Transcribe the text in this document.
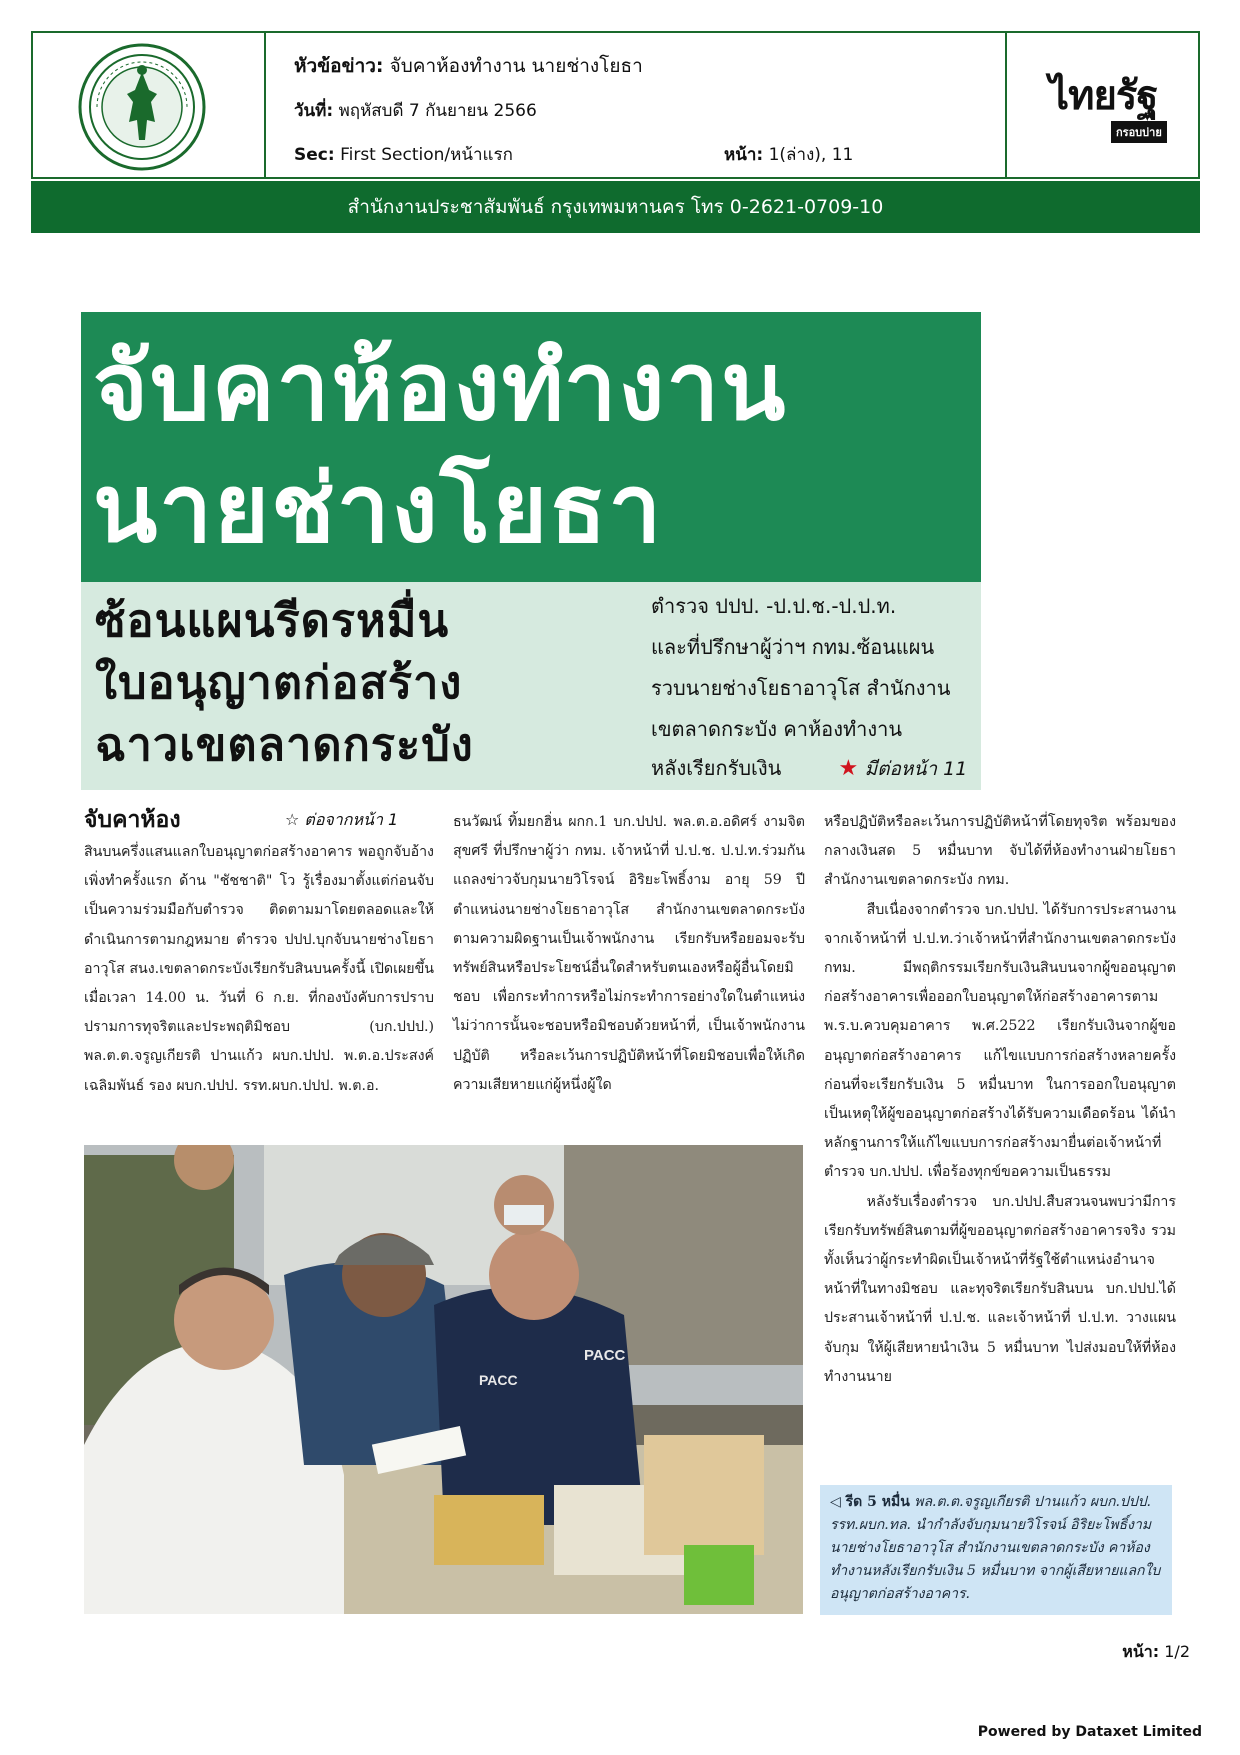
หัวข้อข่าว: จับคาห้องทำงาน นายช่างโยธา
วันที่: พฤหัสบดี 7 กันยายน 2566
Sec: First Section/หน้าแรก	หน้า: 1(ล่าง), 11
ไทยรัฐ
กรอบบ่าย
สำนักงานประชาสัมพันธ์ กรุงเทพมหานคร โทร 0-2621-0709-10
จับคาห้องทำงาน
นายช่างโยธา
ซ้อนแผนรีดรหมื่น
ใบอนุญาตก่อสร้าง
ฉาวเขตลาดกระบัง
ตำรวจ ปปป. -ป.ป.ช.-ป.ป.ท.
และที่ปรึกษาผู้ว่าฯ กทม.ซ้อนแผน
รวบนายช่างโยธาอาวุโส สำนักงาน
เขตลาดกระบัง คาห้องทำงาน
หลังเรียกรับเงิน	★ มีต่อหน้า 11
จับคาห้อง	☆ ต่อจากหน้า 1

สินบนครึ่งแสนแลกใบอนุญาตก่อสร้างอาคาร พอถูกจับอ้างเพิ่งทำครั้งแรก ด้าน "ชัชชาติ" โว รู้เรื่องมาตั้งแต่ก่อนจับ เป็นความร่วมมือกับตำรวจ ติดตามมาโดยตลอดและให้ดำเนินการตามกฎหมาย ตำรวจ ปปป.บุกจับนายช่างโยธาอาวุโส สนง.เขตลาดกระบังเรียกรับสินบนครั้งนี้ เปิดเผยขึ้นเมื่อเวลา 14.00 น. วันที่ 6 ก.ย. ที่กองบังคับการปราบปรามการทุจริตและประพฤติมิชอบ (บก.ปปป.) พล.ต.ต.จรูญเกียรติ ปานแก้ว ผบก.ปปป. พ.ต.อ.ประสงค์ เฉลิมพันธ์ รอง ผบก.ปปป. รรท.ผบก.ปปป. พ.ต.อ.

ธนวัฒน์ ทิ้มยกฮิ่น ผกก.1 บก.ปปป. พล.ต.อ.อดิศร์ งามจิตสุขศรี ที่ปรึกษาผู้ว่า กทม. เจ้าหน้าที่ ป.ป.ช. ป.ป.ท.ร่วมกันแถลงข่าวจับกุมนายวิโรจน์ อิริยะโพธิ์งาม อายุ 59 ปี ตำแหน่งนายช่างโยธาอาวุโส สำนักงานเขตลาดกระบัง ตามความผิดฐานเป็นเจ้าพนักงาน เรียกรับหรือยอมจะรับทรัพย์สินหรือประโยชน์อื่นใดสำหรับตนเองหรือผู้อื่นโดยมิชอบ เพื่อกระทำการหรือไม่กระทำการอย่างใดในตำแหน่ง ไม่ว่าการนั้นจะชอบหรือมิชอบด้วยหน้าที่, เป็นเจ้าพนักงานปฏิบัติ หรือละเว้นการปฏิบัติหน้าที่โดยมิชอบเพื่อให้เกิดความเสียหายแก่ผู้หนึ่งผู้ใด

หรือปฏิบัติหรือละเว้นการปฏิบัติหน้าที่โดยทุจริต พร้อมของกลางเงินสด 5 หมื่นบาท จับได้ที่ห้องทำงานฝ่ายโยธา สำนักงานเขตลาดกระบัง กทม.

สืบเนื่องจากตำรวจ บก.ปปป. ได้รับการประสานงานจากเจ้าหน้าที่ ป.ป.ท.ว่าเจ้าหน้าที่สำนักงานเขตลาดกระบัง กทม. มีพฤติกรรมเรียกรับเงินสินบนจากผู้ขออนุญาตก่อสร้างอาคารเพื่อออกใบอนุญาตให้ก่อสร้างอาคารตาม พ.ร.บ.ควบคุมอาคาร พ.ศ.2522 เรียกรับเงินจากผู้ขออนุญาตก่อสร้างอาคาร แก้ไขแบบการก่อสร้างหลายครั้งก่อนที่จะเรียกรับเงิน 5 หมื่นบาท ในการออกใบอนุญาต เป็นเหตุให้ผู้ขออนุญาตก่อสร้างได้รับความเดือดร้อน ได้นำหลักฐานการให้แก้ไขแบบการก่อสร้างมายื่นต่อเจ้าหน้าที่ตำรวจ บก.ปปป. เพื่อร้องทุกข์ขอความเป็นธรรม

หลังรับเรื่องตำรวจ บก.ปปป.สืบสวนจนพบว่ามีการเรียกรับทรัพย์สินตามที่ผู้ขออนุญาตก่อสร้างอาคารจริง รวมทั้งเห็นว่าผู้กระทำผิดเป็นเจ้าหน้าที่รัฐใช้ตำแหน่งอำนาจหน้าที่ในทางมิชอบ และทุจริตเรียกรับสินบน บก.ปปป.ได้ประสานเจ้าหน้าที่ ป.ป.ช. และเจ้าหน้าที่ ป.ป.ท. วางแผนจับกุม ให้ผู้เสียหายนำเงิน 5 หมื่นบาท ไปส่งมอบให้ที่ห้องทำงานนาย

PACC
PACC
◁ รีด 5 หมื่น พล.ต.ต.จรูญเกียรติ ปานแก้ว ผบก.ปปป. รรท.ผบก.ทล. นำกำลังจับกุมนายวิโรจน์ อิริยะโพธิ์งาม นายช่างโยธาอาวุโส สำนักงานเขตลาดกระบัง คาห้องทำงานหลังเรียกรับเงิน 5 หมื่นบาท จากผู้เสียหายแลกใบอนุญาตก่อสร้างอาคาร.
หน้า: 1/2
Powered by Dataxet Limited
